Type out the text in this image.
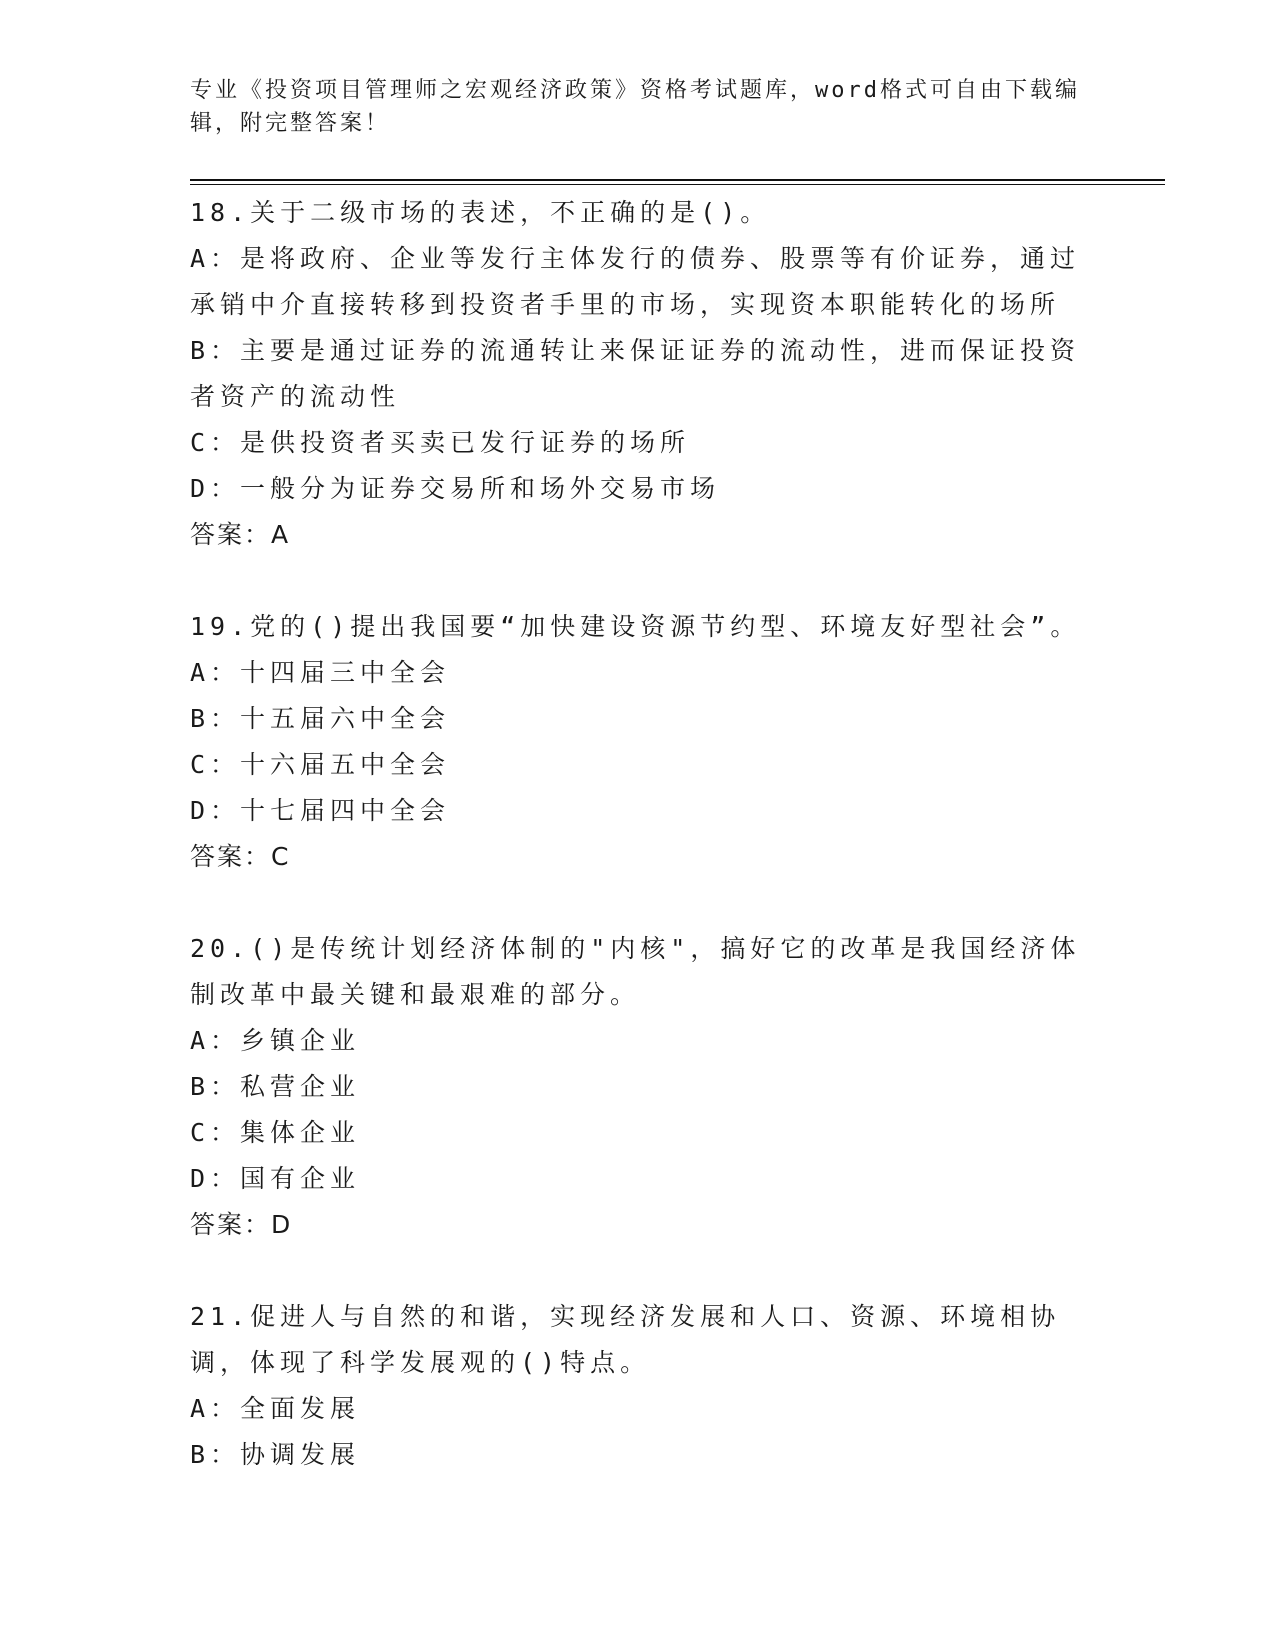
专业《投资项目管理师之宏观经济政策》资格考试题库，word格式可自由下载编辑，附完整答案！
18.关于二级市场的表述，不正确的是()。
A：是将政府、企业等发行主体发行的债券、股票等有价证券，通过承销中介直接转移到投资者手里的市场，实现资本职能转化的场所
B：主要是通过证券的流通转让来保证证券的流动性，进而保证投资者资产的流动性
C：是供投资者买卖已发行证券的场所
D：一般分为证券交易所和场外交易市场
答案：A
19.党的()提出我国要“加快建设资源节约型、环境友好型社会”。
A：十四届三中全会
B：十五届六中全会
C：十六届五中全会
D：十七届四中全会
答案：C
20.()是传统计划经济体制的"内核"，搞好它的改革是我国经济体制改革中最关键和最艰难的部分。
A：乡镇企业
B：私营企业
C：集体企业
D：国有企业
答案：D
21.促进人与自然的和谐，实现经济发展和人口、资源、环境相协调，体现了科学发展观的()特点。
A：全面发展
B：协调发展
